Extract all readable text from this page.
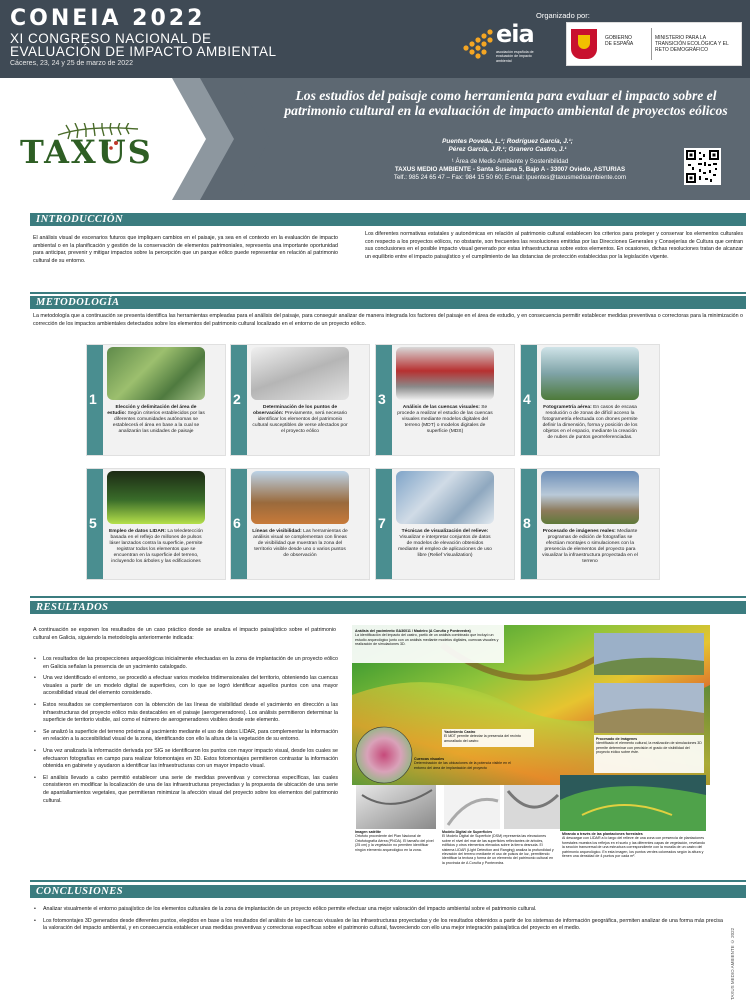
CONEIA 2022
XI CONGRESO NACIONAL DE
EVALUACIÓN DE IMPACTO AMBIENTAL
Cáceres, 23, 24 y 25 de marzo de 2022
Organizado por:
eia
asociación española de evaluación de impacto ambiental
GOBIERNO DE ESPAÑA
MINISTERIO PARA LA TRANSICIÓN ECOLÓGICA Y EL RETO DEMOGRÁFICO
TAXUS
Los estudios del paisaje como herramienta para evaluar el impacto sobre el patrimonio cultural en la evaluación de impacto ambiental de proyectos eólicos
Puentes Poveda, L.¹; Rodríguez García, J.¹;
Pérez García, J.R.¹; Granero Castro, J.¹
¹ Área de Medio Ambiente y Sostenibilidad
TAXUS MEDIO AMBIENTE - Santa Susana 5, Bajo A - 33007 Oviedo, ASTURIAS
Telf.: 985 24 65 47 – Fax: 984 15 50 60; E-mail: lpuentes@taxusmedioambiente.com
INTRODUCCIÓN
El análisis visual de escenarios futuros que impliquen cambios en el paisaje, ya sea en el contexto en la evaluación de impacto ambiental o en la planificación y gestión de la conservación de elementos patrimoniales, representa una importante oportunidad para anticipar, prevenir y mitigar impactos sobre la percepción que un parque eólico puede representar en relación al patrimonio cultural de su entorno.
Los diferentes normativas estatales y autonómicas en relación al patrimonio cultural establecen los criterios para proteger y conservar los elementos culturales con respecto a los proyectos eólicos, no obstante, son frecuentes las resoluciones emitidas por las Direcciones Generales y Consejerías de Cultura que centran sus conclusiones en el posible impacto visual generado por estas infraestructuras sobre estos elementos. En ocasiones, dichas resoluciones tratan de alcanzar un equilibrio entre el impacto paisajístico y el cumplimiento de las distancias de protección establecidas por la legislación vigente.
METODOLOGÍA
La metodología que a continuación se presenta identifica las herramientas empleadas para el análisis del paisaje, para conseguir analizar de manera integrada los factores del paisaje en el área de estudio, y en consecuencia permitir establecer medidas preventivas o correctoras para la minimización o corrección de los impactos ambientales detectados sobre los elementos del patrimonio cultural localizado en el entorno de un proyecto eólico.
1
Elección y delimitación del área de estudio: Según criterios establecidos por las diferentes comunidades autónomas se establecerá el área en base a la cual se analizarán las unidades de paisaje
2
Determinación de los puntos de observación: Previamente, será necesario identificar los elementos del patrimonio cultural susceptibles de verse afectados por el proyecto eólico
3
Análisis de las cuencas visuales: Se procede a realizar el estudio de las cuencas visuales mediante modelos digitales del terreno (MDT) o modelos digitales de superficie (MDS)
4
Fotogrametría aérea: En casos de escasa resolución o de zonas de difícil acceso la fotogrametría efectuada con drones permite definir la dimensión, forma y posición de los objetos en el espacio, mediante la creación de nubes de puntos georreferenciadas.
5
Empleo de datos LIDAR: La teledetección basada en el reflejo de millones de pulsos láser lanzados contra la superficie, permite registrar todos los elementos que se encuentran en la superficie del terreno, incluyendo los árboles y las edificaciones
6
Líneas de visibilidad: Las herramientas de análisis visual se complementan con líneas de visibilidad que muestran la zona del territorio visible desde uno o varios puntos de observación
7
Técnicas de visualización del relieve: Visualizar e interpretar conjuntos de datos de modelos de elevación obtenidos mediante el empleo de aplicaciones de uso libre (Relief Visualization)
8
Procesado de imágenes reales: Mediante programas de edición de fotografías se efectúan montajes o simulaciones con la presencia de elementos del proyecto para visualizar la infraestructura proyectada en el terreno
RESULTADOS
A continuación se exponen los resultados de un caso práctico donde se analiza el impacto paisajístico sobre el patrimonio cultural en Galicia, siguiendo la metodología anteriormente indicada:
• Los resultados de las prospecciones arqueológicas inicialmente efectuadas en la zona de implantación de un proyecto eólico en Galicia señalan la presencia de un yacimiento catalogado.
• Una vez identificado el entorno, se procedió a efectuar varios modelos tridimensionales del territorio, obteniendo las cuencas visuales a partir de un modelo digital de superficies, con lo que se logró identificar aquellos puntos con una mayor accesibilidad visual del elemento considerado.
• Estos resultados se complementaron con la obtención de las líneas de visibilidad desde el yacimiento en dirección a las infraestructuras del proyecto eólico más destacables en el paisaje (aerogeneradores). Los análisis permitieron determinar la superficie de territorio visible, así como el número de aerogeneradores visibles desde este elemento.
• Se analizó la superficie del terreno próxima al yacimiento mediante el uso de datos LIDAR, para complementar la información en relación a la accesibilidad visual de la zona, identificando con ello la altura de la vegetación de su entorno.
• Una vez analizada la información derivada por SIG se identificaron los puntos con mayor impacto visual, desde los cuales se efectuaron fotografías en campo para realizar fotomontajes en 3D. Estos fotomontajes permitieron contrastar la información obtenida en gabinete y ayudaron a identificar las infraestructuras con un mayor impacto visual.
• El análisis llevado a cabo permitió establecer una serie de medidas preventivas y correctoras específicas, las cuales consistieron en modificar la localización de una de las infraestructuras proyectadas y la propuesta de ubicación de una serie de apantallamientos vegetales, que permitieran minimizar la afección visual del proyecto sobre los elementos del patrimonio cultural.
Análisis del yacimiento GA36011 / Madeiro (A Coruña y Pontevedra)
La identificación del impacto del castro, partió de un análisis combinado que incluyó un estudio arqueológico junto con un análisis mediante modelos digitales, cuencas visuales y realización de simulaciones 3D.
Yacimiento Castro
El MDT permite detectar la presencia del recinto amurallado del castro	Procesado de imágenes
Identificado el elemento cultural, la realización de simulaciones 3D permite determinar con precisión el grado de visibilidad del proyecto eólico sobre éste.
Cuencas visuales
Determinación de las ubicaciones de la potencia visible en el entorno del área de implantación del proyecto
Imagen satélite
Ortofoto procedente del Plan Nacional de Ortofotografía Aérea (PNOA). El tamaño del píxel (25 cm) y la vegetación no permiten identificar ningún elemento arqueológico en la zona.
Modelo Digital de Superficies
El Modelo Digital de Superficie (DSM) representa las elevaciones sobre el nivel del mar de las superficies reflectantes de árboles, edificios y otros elementos elevados sobre la tierra desnuda. El sistema LIDAR (Light Detection and Ranging) analiza la profundidad y elevación del terreno mediante el uso de pulsos de luz, permitiendo identificar la textura y forma de un elemento del patrimonio cultural en la provincia de A Coruña y Pontevedra.
Mirando a través de las plantaciones forestales
Al descargar con LIDAR a lo largo del relieve de una zona con presencia de plantaciones forestales muestra los reflejos en el suelo y las diferentes capas de vegetación, revelando la sección transversal de una estructura correspondiente con la muralla de un castro del patrimonio arqueológico. En esta imagen, los puntos verdes coloreados según la altura y tienen una densidad de 4 puntos por cada m².
CONCLUSIONES
• Analizar visualmente el entorno paisajístico de los elementos culturales de la zona de implantación de un proyecto eólico permite efectuar una mejor valoración del impacto ambiental sobre el patrimonio cultural.
• Los fotomontajes 3D generados desde diferentes puntos, elegidos en base a los resultados del análisis de las cuencas visuales de las infraestructuras proyectadas y de los resultados obtenidos a partir de los sistemas de información geográfica, permiten analizar de una forma más precisa la valoración del impacto ambiental, y en consecuencia establecer unas medidas preventivas y correctoras específicas sobre el patrimonio cultural, favoreciendo con ello una mejor integración paisajística del proyecto en el medio.	TAXUS MEDIO AMBIENTE © 2022
